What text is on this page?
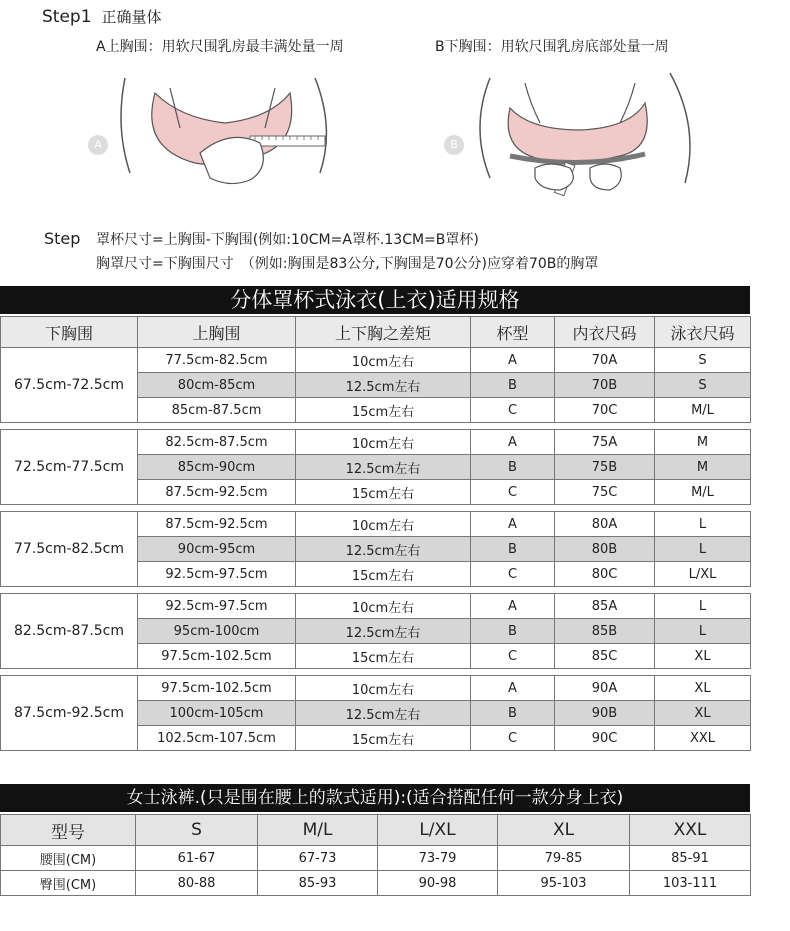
Step1 正确量体
A上胸围：用软尺围乳房最丰满处量一周	B下胸围：用软尺围乳房底部处量一周
A	B
Step 罩杯尺寸=上胸围-下胸围(例如:10CM=A罩杯.13CM=B罩杯)
胸罩尺寸=下胸围尺寸　（例如:胸围是83公分,下胸围是70公分)应穿着70B的胸罩
分体罩杯式泳衣(上衣)适用规格
下胸围	上胸围	上下胸之差矩	杯型	内衣尺码	泳衣尺码
67.5cm-72.5cm	77.5cm-82.5cm	10cm左右	A	70A	S
	80cm-85cm	12.5cm左右	B	70B	S
	85cm-87.5cm	15cm左右	C	70C	M/L

72.5cm-77.5cm	82.5cm-87.5cm	10cm左右	A	75A	M
	85cm-90cm	12.5cm左右	B	75B	M
	87.5cm-92.5cm	15cm左右	C	75C	M/L

77.5cm-82.5cm	87.5cm-92.5cm	10cm左右	A	80A	L
	90cm-95cm	12.5cm左右	B	80B	L
	92.5cm-97.5cm	15cm左右	C	80C	L/XL

82.5cm-87.5cm	92.5cm-97.5cm	10cm左右	A	85A	L
	95cm-100cm	12.5cm左右	B	85B	L
	97.5cm-102.5cm	15cm左右	C	85C	XL

87.5cm-92.5cm	97.5cm-102.5cm	10cm左右	A	90A	XL
	100cm-105cm	12.5cm左右	B	90B	XL
	102.5cm-107.5cm	15cm左右	C	90C	XXL
女士泳裤.(只是围在腰上的款式适用):(适合搭配任何一款分身上衣)
型号	S	M/L	L/XL	XL	XXL
腰围(CM)	61-67	67-73	73-79	79-85	85-91
臀围(CM)	80-88	85-93	90-98	95-103	103-111
